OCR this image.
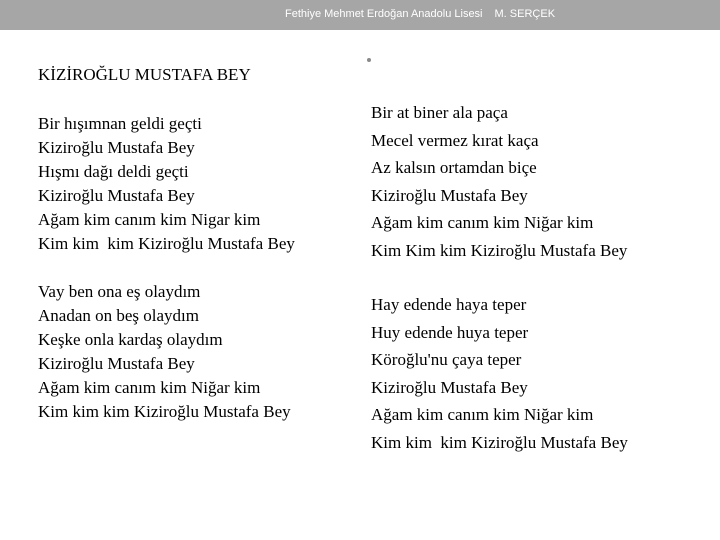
Fethiye Mehmet Erdoğan Anadolu Lisesi M. SERÇEK
KİZİROĞLU MUSTAFA BEY
Bir hışımnan geldi geçti
Kiziroğlu Mustafa Bey
Hışmı dağı deldi geçti
Kiziroğlu Mustafa Bey
Ağam kim canım kim Nigar kim
Kim kim  kim Kiziroğlu Mustafa Bey
Vay ben ona eş olaydım
Anadan on beş olaydım
Keşke onla kardaş olaydım
Kiziroğlu Mustafa Bey
Ağam kim canım kim Niğar kim
Kim kim kim Kiziroğlu Mustafa Bey
Bir at biner ala paça
Mecel vermez kırat kaça
Az kalsın ortamdan biçe
Kiziroğlu Mustafa Bey
Ağam kim canım kim Niğar kim
Kim Kim kim Kiziroğlu Mustafa Bey
Hay edende haya teper
Huy edende huya teper
Köroğlu'nu çaya teper
Kiziroğlu Mustafa Bey
Ağam kim canım kim Niğar kim
Kim kim  kim Kiziroğlu Mustafa Bey
